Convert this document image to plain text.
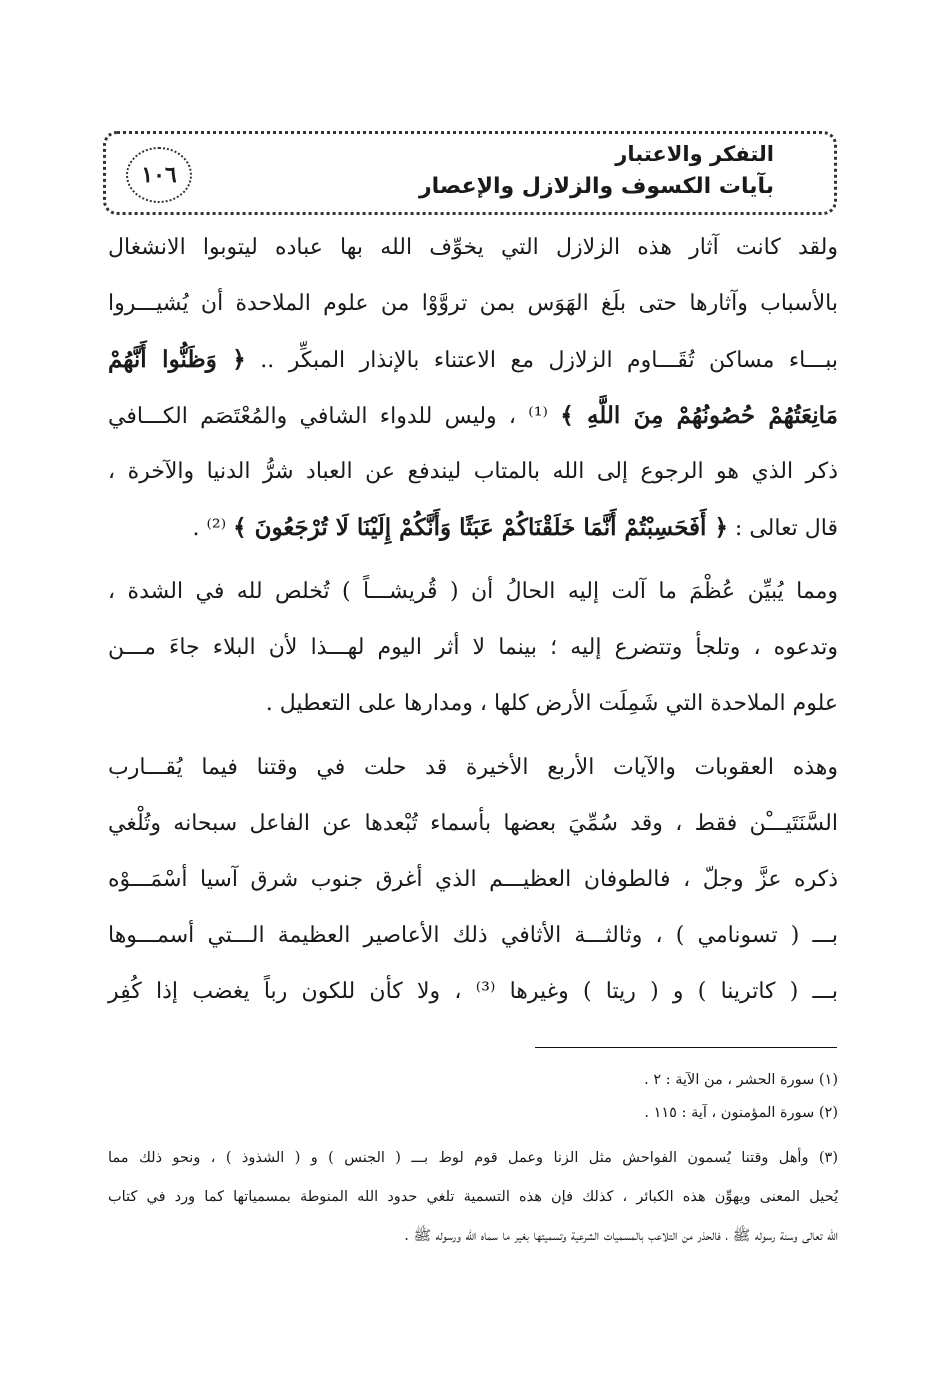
١٠٦
التفكر والاعتبار
بآيات الكسوف والزلازل والإعصار
ولقد كانت آثار هذه الزلازل التي يخوِّف الله بها عباده ليتوبوا الانشغال
بالأسباب وآثارها حتى بلَغ الهَوَس بمن تروَّوْا من علوم الملاحدة أن يُشيـــروا
ببـــاء مساكن تُقَـــاوم الزلازل مع الاعتناء بالإنذار المبكِّر .. ﴿ وَظَنُّوا أَنَّهُمْ
مَانِعَتُهُمْ حُصُونُهُمْ مِنَ اللَّهِ ﴾ ⁽¹⁾ ، وليس للدواء الشافي والمُعْتَصَم الكـــافي
ذكر الذي هو الرجوع إلى الله بالمتاب ليندفع عن العباد شرُّ الدنيا والآخرة ،
قال تعالى : ﴿ أَفَحَسِبْتُمْ أَنَّمَا خَلَقْنَاكُمْ عَبَثًا وَأَنَّكُمْ إِلَيْنَا لَا تُرْجَعُونَ ﴾ ⁽²⁾ .
ومما يُبيِّن عُظْمَ ما آلت إليه الحالُ أن ( قُريشـــاً ) تُخلص لله في الشدة ،
وتدعوه ، وتلجأ وتتضرع إليه ؛ بينما لا أثر اليوم لهـــذا لأن البلاء جاءَ مـــن
علوم الملاحدة التي شَمِلَت الأرض كلها ، ومدارها على التعطيل .
وهذه العقوبات والآيات الأربع الأخيرة قد حلت في وقتنا فيما يُقـــارب
السَّنَتَيـــْن فقط ، وقد سُمِّيَ بعضها بأسماء تُبْعدها عن الفاعل سبحانه وتُلْغي
ذكره عزَّ وجلّ ، فالطوفان العظيـــم الذي أغرق جنوب شرق آسيا أسْمَـــوْه
بـــ ( تسونامي ) ، وثالثـــة الأثافي ذلك الأعاصير العظيمة الـــتي أسمـــوها
بـــ ( كاترينا ) و ( ريتا ) وغيرها ⁽³⁾ ، ولا كأن للكون رباً يغضب إذا كُفِر
(١) سورة الحشر ، من الآية : ٢ .
(٢) سورة المؤمنون ، آية : ١١٥ .
(٣) وأهل وقتنا يُسمون الفواحش مثل الزنا وعمل قوم لوط بـــ ( الجنس ) و ( الشذوذ ) ، ونحو ذلك مما
يُحيل المعنى ويهوِّن هذه الكبائر ، كذلك فإن هذه التسمية تلغي حدود الله المنوطة بمسمياتها كما ورد في كتاب
الله تعالى وسنة رسوله ﷺ ، فالحذر من التلاعب بالمسميات الشرعية وتسميتها بغير ما سماه الله ورسوله ﷺ .
